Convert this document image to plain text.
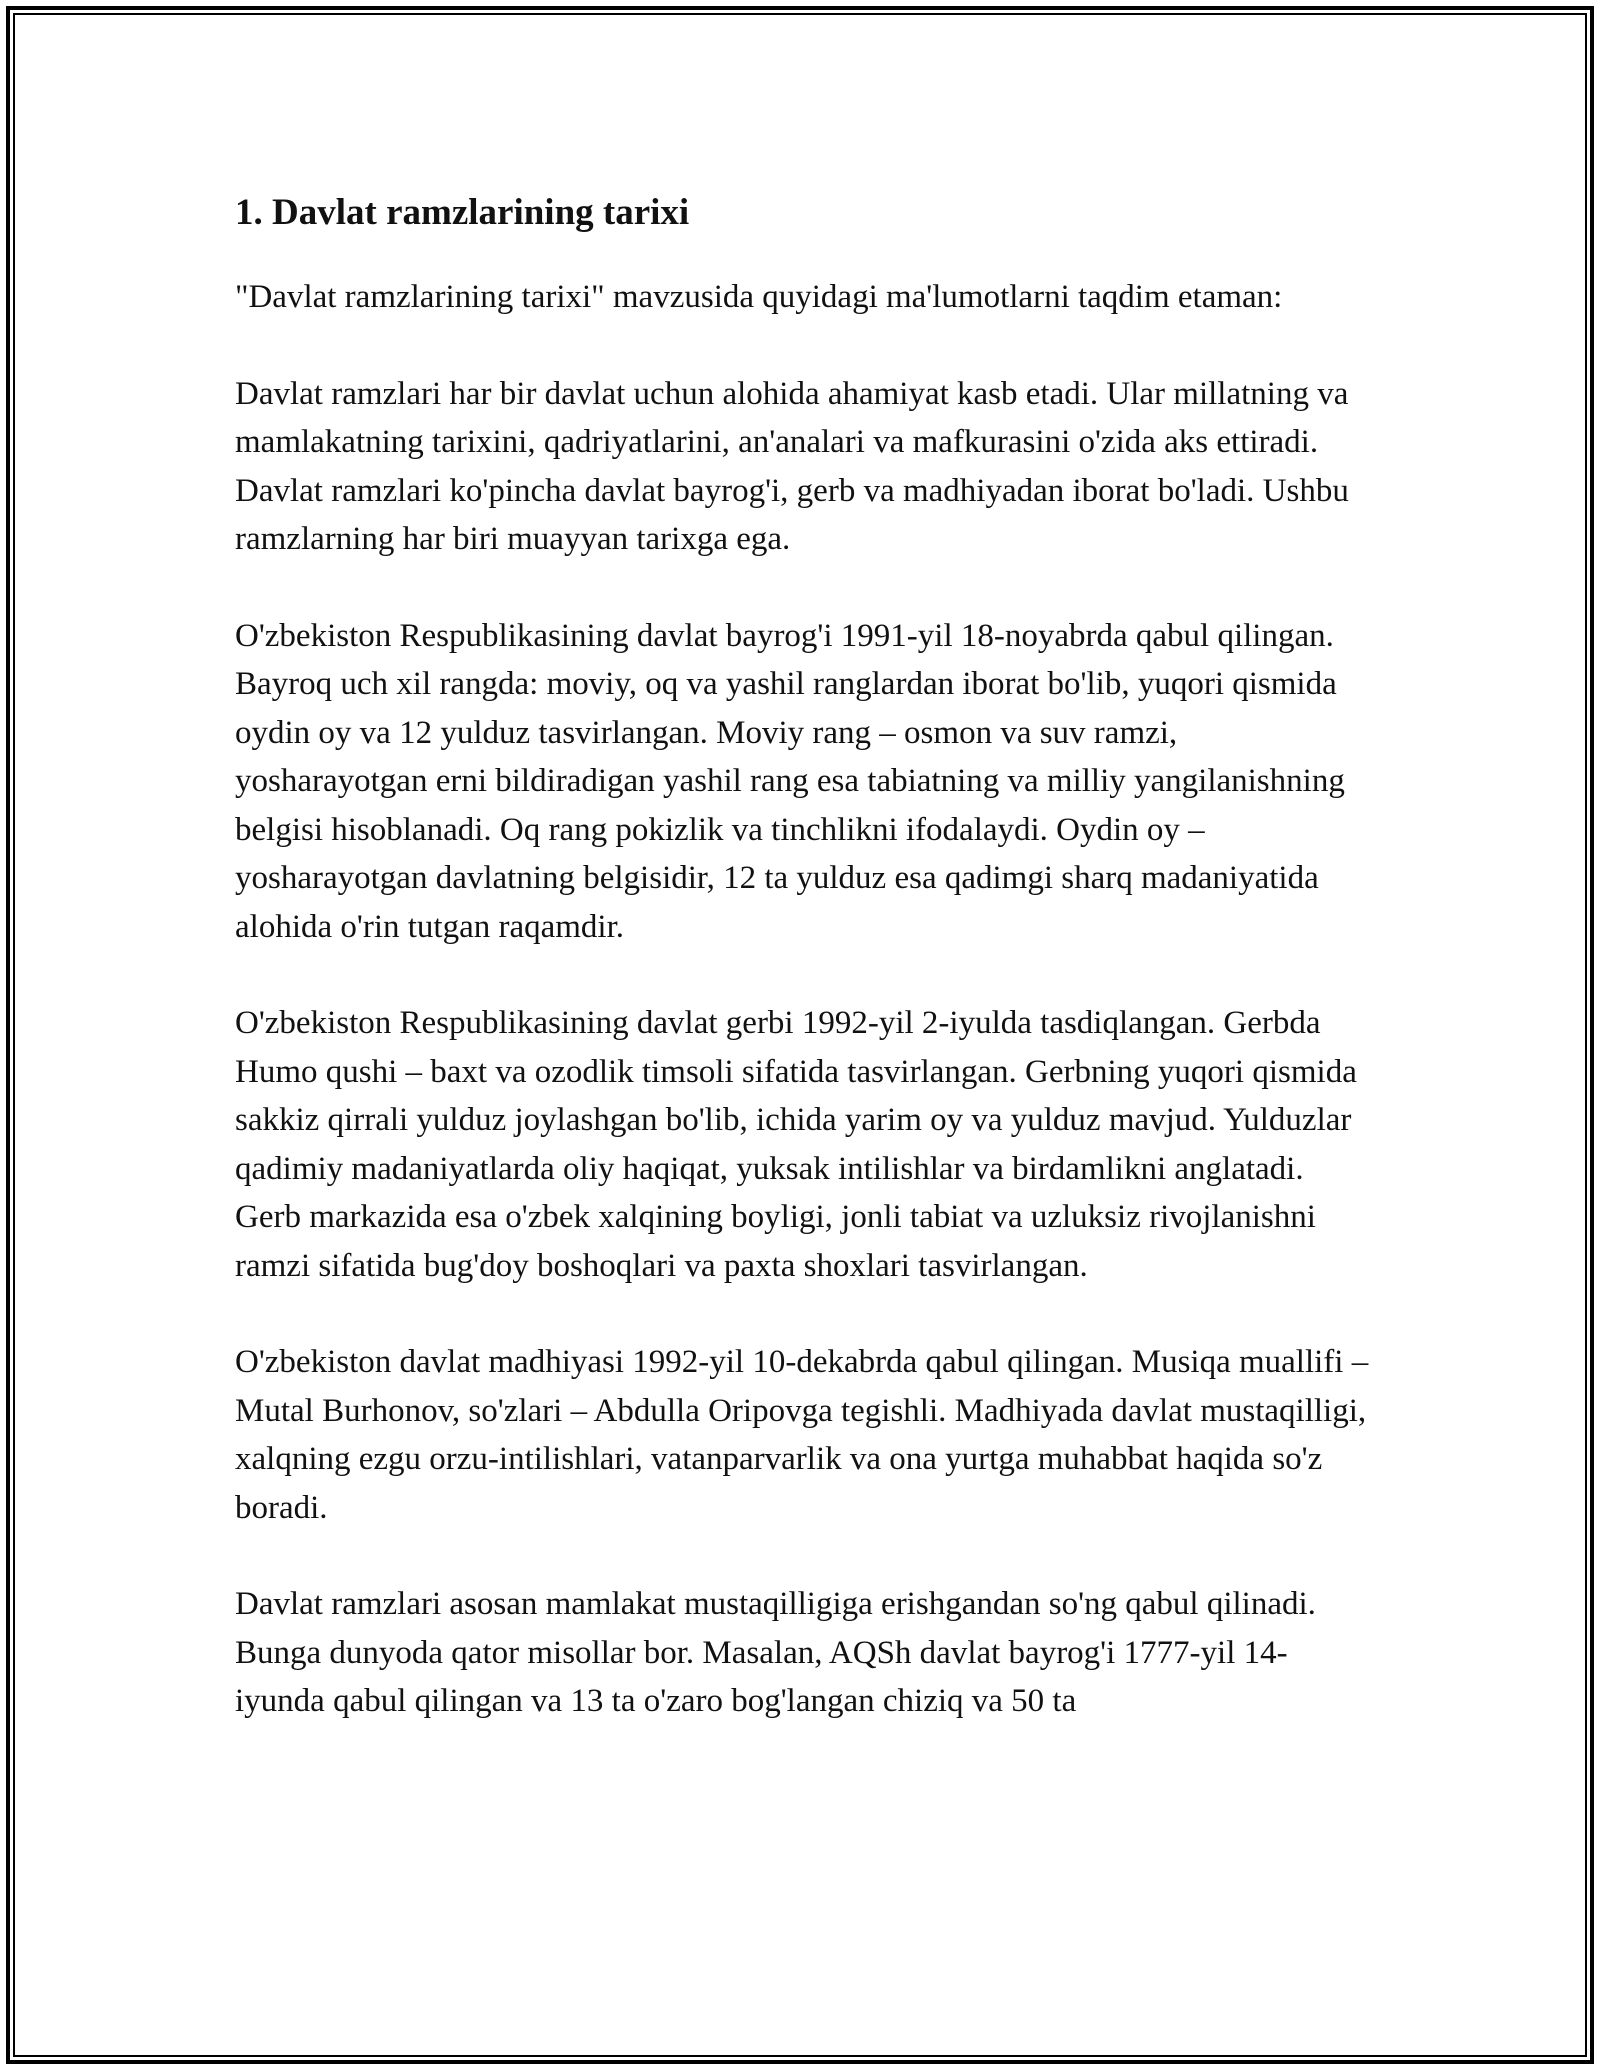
1. Davlat ramzlarining tarixi

"Davlat ramzlarining tarixi" mavzusida quyidagi ma'lumotlarni taqdim etaman:

Davlat ramzlari har bir davlat uchun alohida ahamiyat kasb etadi. Ular millatning va mamlakatning tarixini, qadriyatlarini, an'analari va mafkurasini o'zida aks ettiradi. Davlat ramzlari ko'pincha davlat bayrog'i, gerb va madhiyadan iborat bo'ladi. Ushbu ramzlarning har biri muayyan tarixga ega.

O'zbekiston Respublikasining davlat bayrog'i 1991-yil 18-noyabrda qabul qilingan. Bayroq uch xil rangda: moviy, oq va yashil ranglardan iborat bo'lib, yuqori qismida oydin oy va 12 yulduz tasvirlangan. Moviy rang – osmon va suv ramzi, yosharayotgan erni bildiradigan yashil rang esa tabiatning va milliy yangilanishning belgisi hisoblanadi. Oq rang pokizlik va tinchlikni ifodalaydi. Oydin oy – yosharayotgan davlatning belgisidir, 12 ta yulduz esa qadimgi sharq madaniyatida alohida o'rin tutgan raqamdir.

O'zbekiston Respublikasining davlat gerbi 1992-yil 2-iyulda tasdiqlangan. Gerbda Humo qushi – baxt va ozodlik timsoli sifatida tasvirlangan. Gerbning yuqori qismida sakkiz qirrali yulduz joylashgan bo'lib, ichida yarim oy va yulduz mavjud. Yulduzlar qadimiy madaniyatlarda oliy haqiqat, yuksak intilishlar va birdamlikni anglatadi. Gerb markazida esa o'zbek xalqining boyligi, jonli tabiat va uzluksiz rivojlanishni ramzi sifatida bug'doy boshoqlari va paxta shoxlari tasvirlangan.

O'zbekiston davlat madhiyasi 1992-yil 10-dekabrda qabul qilingan. Musiqa muallifi – Mutal Burhonov, so'zlari – Abdulla Oripovga tegishli. Madhiyada davlat mustaqilligi, xalqning ezgu orzu-intilishlari, vatanparvarlik va ona yurtga muhabbat haqida so'z boradi.

Davlat ramzlari asosan mamlakat mustaqilligiga erishgandan so'ng qabul qilinadi. Bunga dunyoda qator misollar bor. Masalan, AQSh davlat bayrog'i 1777-yil 14-iyunda qabul qilingan va 13 ta o'zaro bog'langan chiziq va 50 ta
